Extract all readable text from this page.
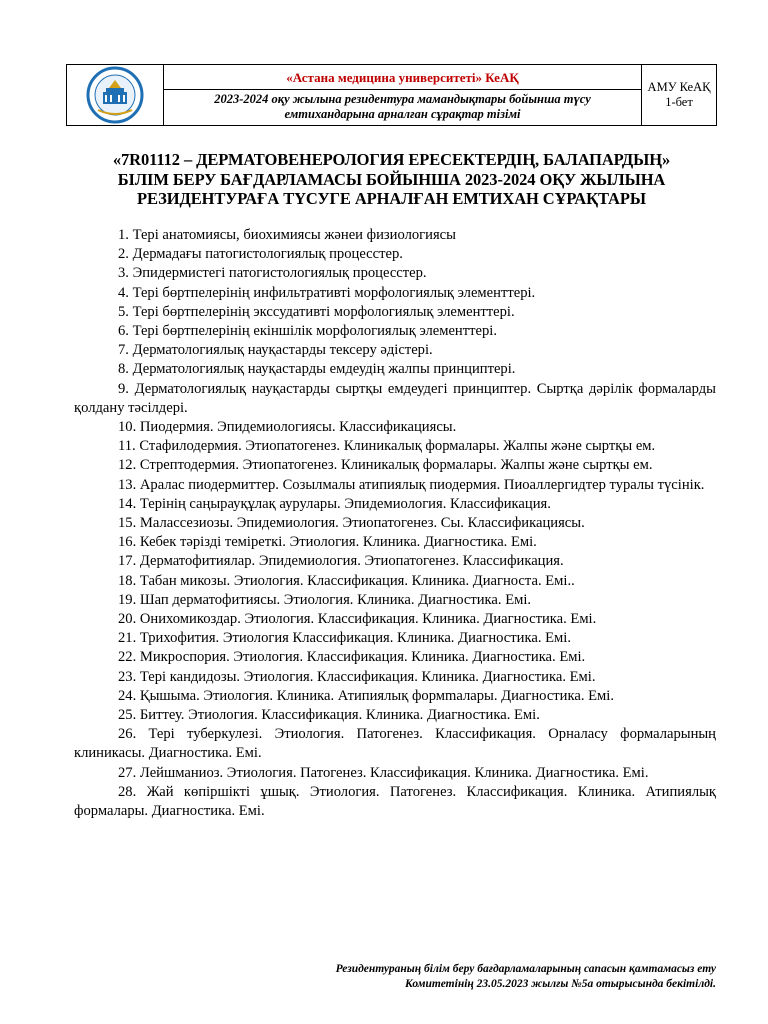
«Астана медицина университеті» КеАҚ
2023-2024 оқу жылына резидентура мамандықтары бойынша түсу
емтихандарына арналған сұрақтар тізімі

АМУ КеАҚ
1-бет
«7R01112 – ДЕРМАТОВЕНЕРОЛОГИЯ ЕРЕСЕКТЕРДІҢ, БАЛАПАРДЫҢ»
БІЛІМ БЕРУ БАҒДАРЛАМАСЫ БОЙЫНША 2023-2024 ОҚУ ЖЫЛЫНА
РЕЗИДЕНТУРАҒА ТҮСУГЕ АРНАЛҒАН ЕМТИХАН СҰРАҚТАРЫ
1. Тері анатомиясы, биохимиясы жәнеи физиологиясы
2. Дермадағы патогистологиялық процесстер.
3. Эпидермистегі патогистологиялық процесстер.
4. Тері бөртпелерінің инфильтративті морфологиялық элементтері.
5. Тері бөртпелерінің экссудативті морфологиялық элементтері.
6. Тері бөртпелерінің екіншілік морфологиялық элементтері.
7. Дерматологиялық науқастарды тексеру әдістері.
8. Дерматологиялық науқастарды емдеудің жалпы принциптері.
9. Дерматологиялық науқастарды сыртқы емдеудегі принциптер. Сыртқа дәрілік формаларды қолдану тәсілдері.
10. Пиодермия. Эпидемиологиясы. Классификациясы.
11. Стафилодермия. Этиопатогенез. Клиникалық формалары. Жалпы және сыртқы ем.
12. Стрептодермия. Этиопатогенез. Клиникалық формалары. Жалпы және сыртқы ем.
13. Аралас пиодермиттер. Созылмалы атипиялық пиодермия. Пиоаллергидтер туралы түсінік.
14. Терінің саңырауқұлақ аурулары. Эпидемиология. Классификация.
15. Малассезиозы. Эпидемиология. Этиопатогенез. Сы. Классификациясы.
16. Кебек тәрізді теміреткі. Этиология. Клиника. Диагностика. Емі.
17. Дерматофитиялар. Эпидемиология. Этиопатогенез. Классификация.
18. Табан микозы. Этиология. Классификация. Клиника. Диагноста. Емі..
19. Шап дерматофитиясы. Этиология. Клиника. Диагностика. Емі.
20. Онихомикоздар. Этиология. Классификация. Клиника. Диагностика. Емі.
21. Трихофития. Этиология Классификация. Клиника. Диагностика. Емі.
22. Микроспория. Этиология. Классификация. Клиника. Диагностика. Емі.
23. Тері кандидозы. Этиология. Классификация. Клиника. Диагностика. Емі.
24. Қышыма. Этиология. Клиника. Атипиялық формmалары. Диагностика. Емі.
25. Биттеу. Этиология. Классификация. Клиника. Диагностика. Емі.
26. Тері туберкулезі. Этиология. Патогенез. Классификация. Орналасу формаларының клиникасы. Диагностика. Емі.
27. Лейшманиоз. Этиология. Патогенез. Классификация. Клиника. Диагностика. Емі.
28. Жай көпіршікті ұшық. Этиология. Патогенез. Классификация. Клиника. Атипиялық формалары. Диагностика. Емі.
Резидентураның білім беру бағдарламаларының сапасын қамтамасыз ету
Комитетінің 23.05.2023 жылғы №5а отырысында бекітілді.
